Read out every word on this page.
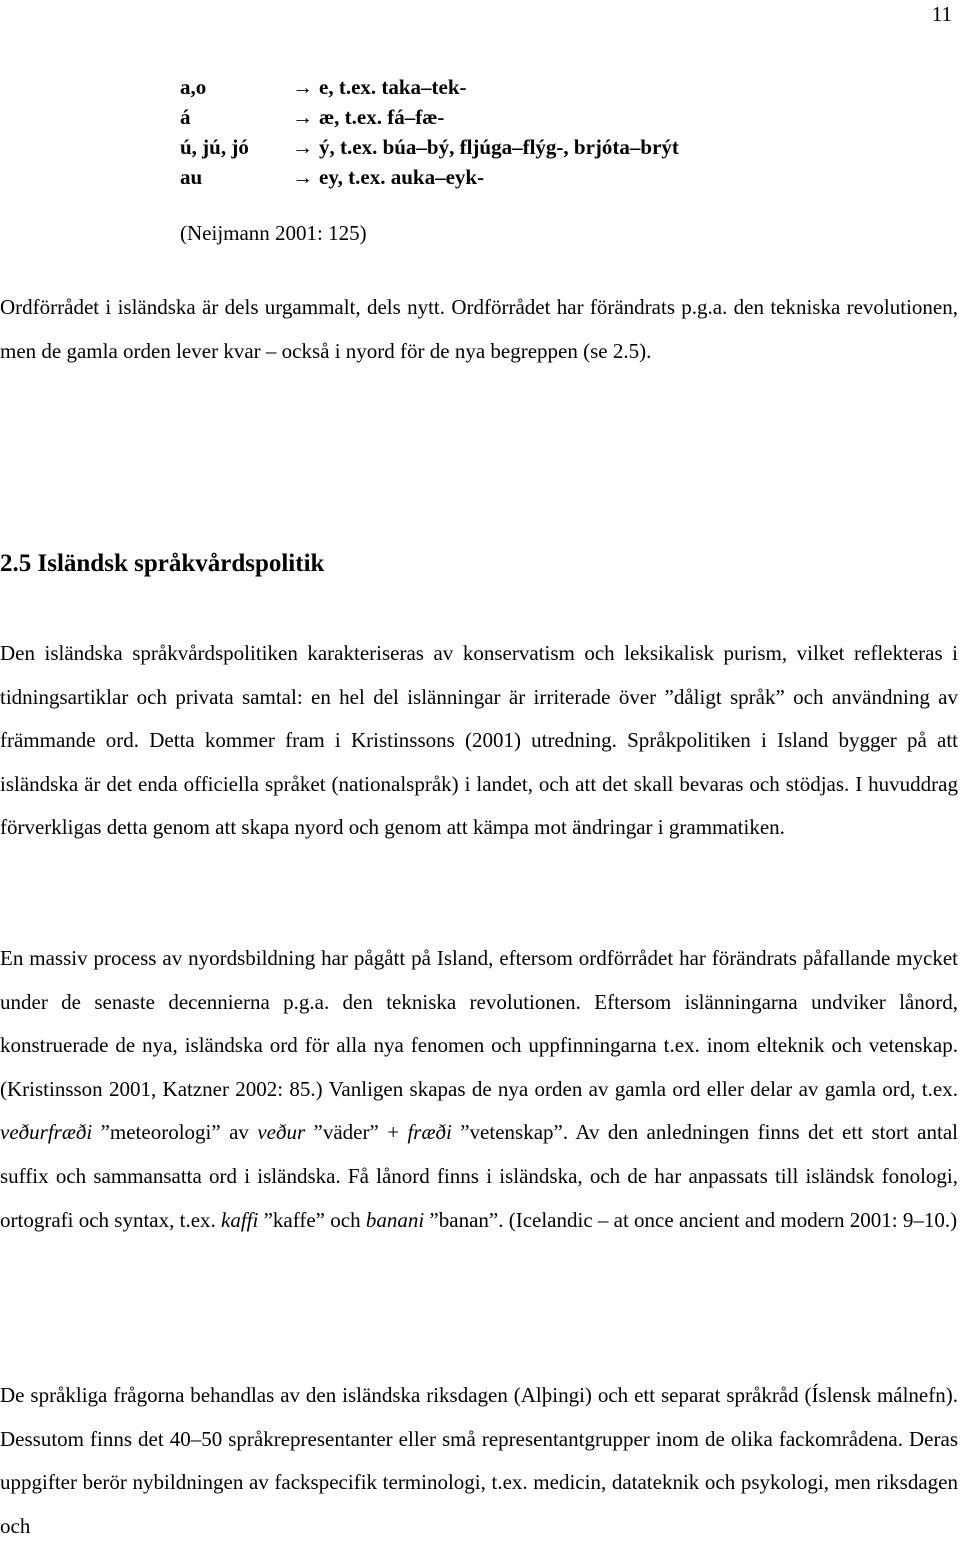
11
a,o	→ e, t.ex. taka–tek-
á	→ æ, t.ex. fá–fæ-
ú, jú, jó	→ ý, t.ex. búa–bý, fljúga–flýg-, brjóta–brýt
au	→ ey, t.ex. auka–eyk-
(Neijmann 2001: 125)

Ordförrådet i isländska är dels urgammalt, dels nytt. Ordförrådet har förändrats p.g.a. den tekniska revolutionen, men de gamla orden lever kvar – också i nyord för de nya begreppen (se 2.5).

2.5 Isländsk språkvårdspolitik

Den isländska språkvårdspolitiken karakteriseras av konservatism och leksikalisk purism, vilket reflekteras i tidningsartiklar och privata samtal: en hel del islänningar är irriterade över ”dåligt språk” och användning av främmande ord. Detta kommer fram i Kristinssons (2001) utredning. Språkpolitiken i Island bygger på att isländska är det enda officiella språket (nationalspråk) i landet, och att det skall bevaras och stödjas. I huvuddrag förverkligas detta genom att skapa nyord och genom att kämpa mot ändringar i grammatiken.

En massiv process av nyordsbildning har pågått på Island, eftersom ordförrådet har förändrats påfallande mycket under de senaste decennierna p.g.a. den tekniska revolutionen. Eftersom islänningarna undviker lånord, konstruerade de nya, isländska ord för alla nya fenomen och uppfinningarna t.ex. inom elteknik och vetenskap. (Kristinsson 2001, Katzner 2002: 85.) Vanligen skapas de nya orden av gamla ord eller delar av gamla ord, t.ex. veðurfræði ”meteorologi” av veður ”väder” + fræði ”vetenskap”. Av den anledningen finns det ett stort antal suffix och sammansatta ord i isländska. Få lånord finns i isländska, och de har anpassats till isländsk fonologi, ortografi och syntax, t.ex. kaffi ”kaffe” och banani ”banan”. (Icelandic – at once ancient and modern 2001: 9–10.)

De språkliga frågorna behandlas av den isländska riksdagen (Alþingi) och ett separat språkråd (Íslensk málnefn). Dessutom finns det 40–50 språkrepresentanter eller små representantgrupper inom de olika fackområdena. Deras uppgifter berör nybildningen av fackspecifik terminologi, t.ex. medicin, datateknik och psykologi, men riksdagen och
